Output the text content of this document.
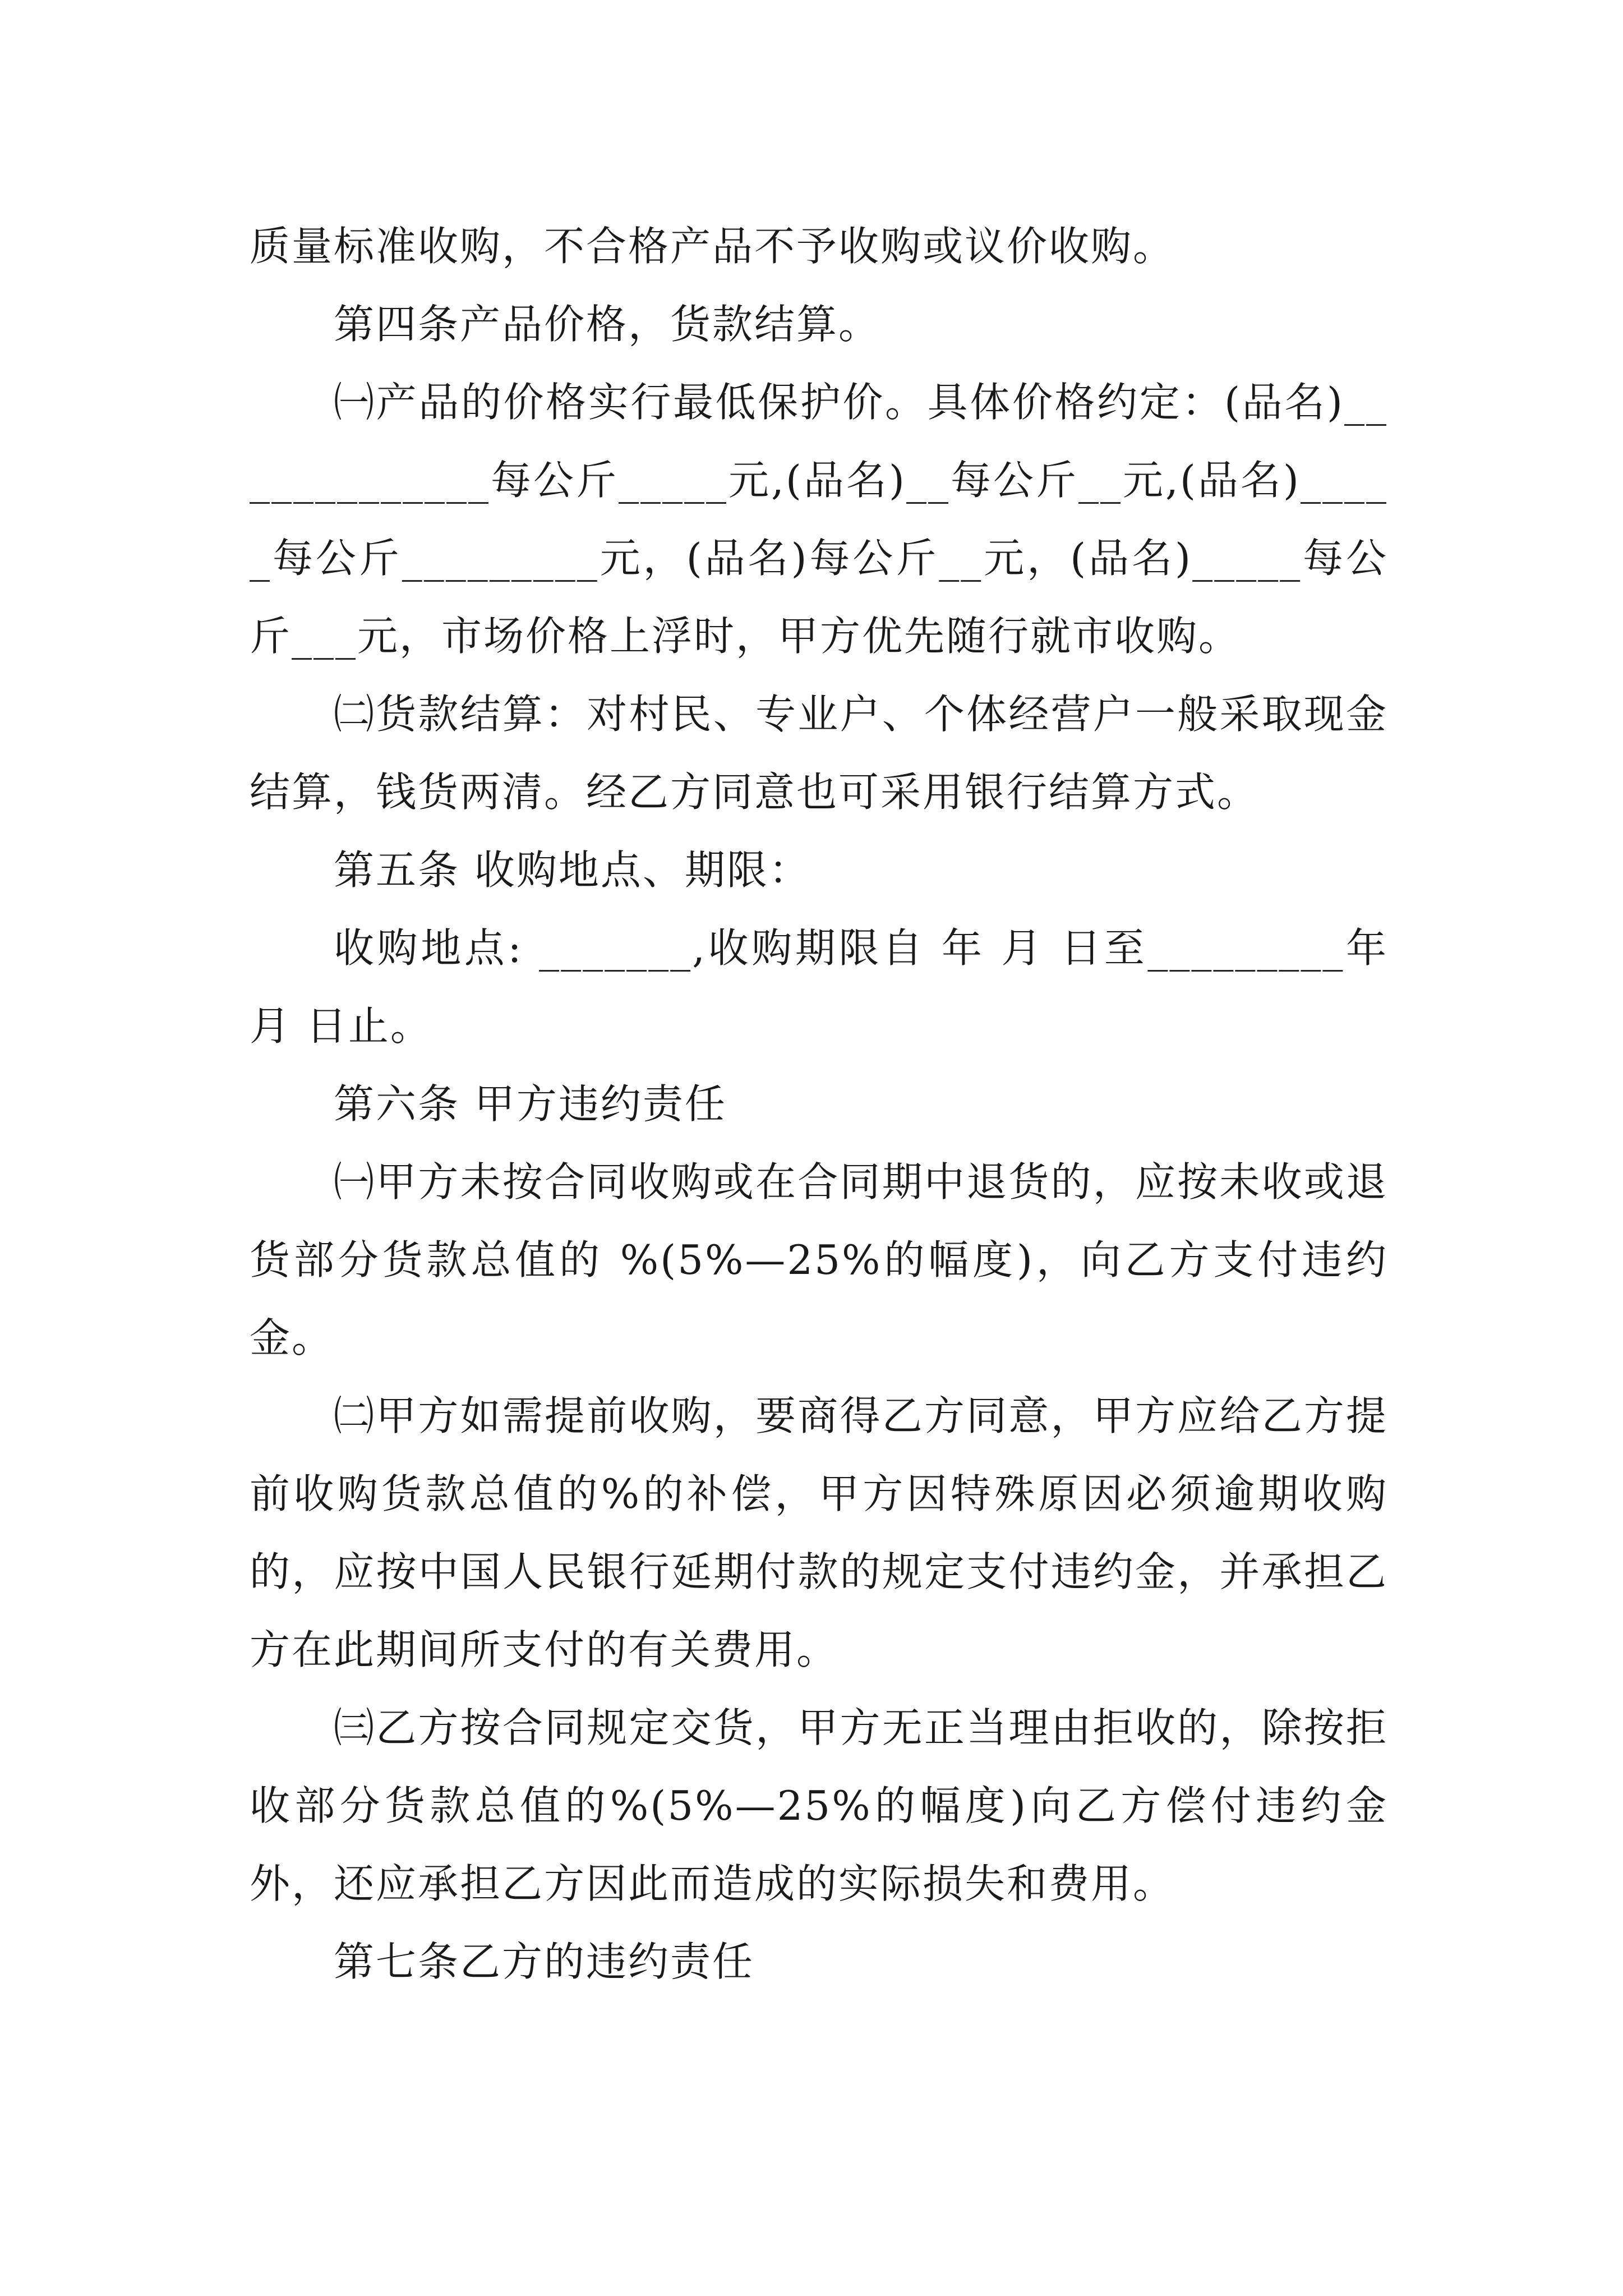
质量标准收购，不合格产品不予收购或议价收购。

第四条产品价格，货款结算。

㈠产品的价格实行最低保护价。具体价格约定：(品名)_____________每公斤_____元,(品名)__每公斤__元,(品名)_____每公斤_________元，(品名)每公斤__元，(品名)_____每公斤___元，市场价格上浮时，甲方优先随行就市收购。

㈡货款结算：对村民、专业户、个体经营户一般采取现金结算，钱货两清。经乙方同意也可采用银行结算方式。

第五条 收购地点、期限：

收购地点: _______,收购期限自 年 月 日至_________年 月 日止。

第六条 甲方违约责任

㈠甲方未按合同收购或在合同期中退货的，应按未收或退货部分货款总值的 %(5%—25%的幅度)，向乙方支付违约金。

㈡甲方如需提前收购，要商得乙方同意，甲方应给乙方提前收购货款总值的%的补偿，甲方因特殊原因必须逾期收购的，应按中国人民银行延期付款的规定支付违约金，并承担乙方在此期间所支付的有关费用。

㈢乙方按合同规定交货，甲方无正当理由拒收的，除按拒收部分货款总值的%(5%—25%的幅度)向乙方偿付违约金外，还应承担乙方因此而造成的实际损失和费用。

第七条乙方的违约责任
